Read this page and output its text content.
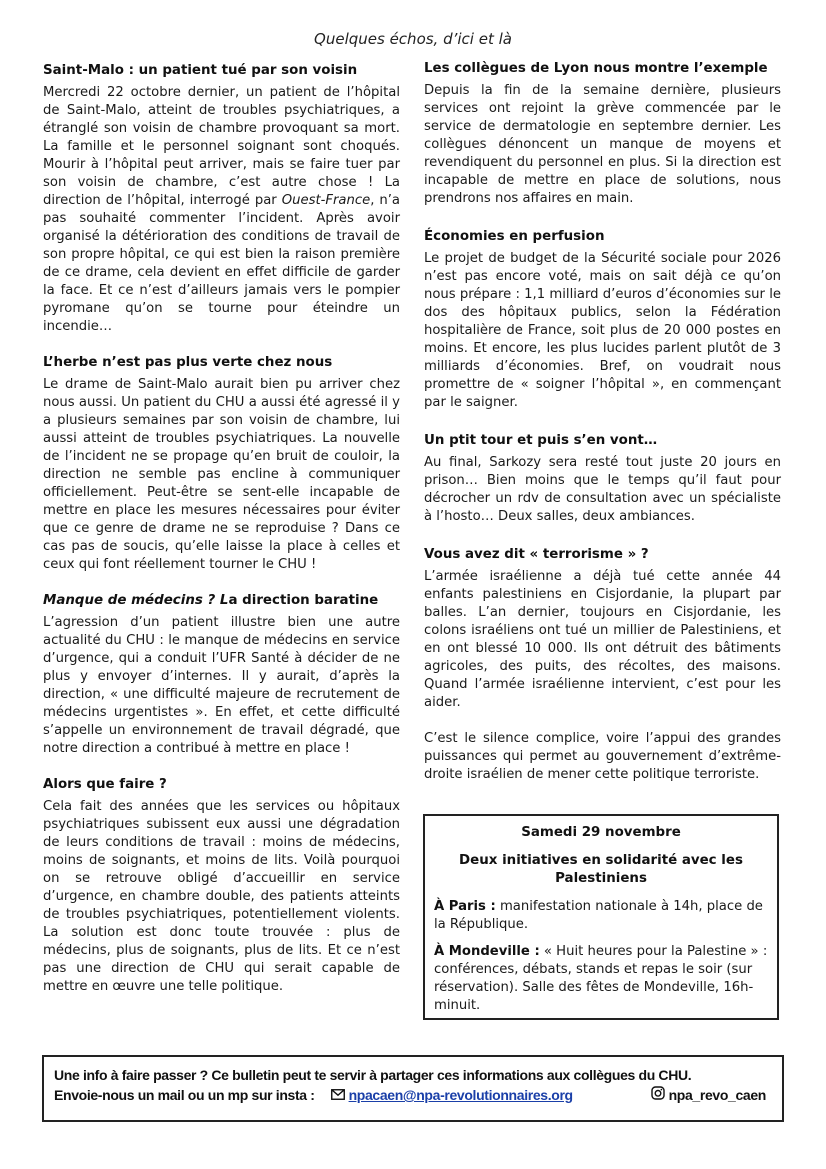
Quelques échos, d’ici et là
Saint-Malo : un patient tué par son voisin

Mercredi 22 octobre dernier, un patient de l’hôpital de Saint-Malo, atteint de troubles psychiatriques, a étranglé son voisin de chambre provoquant sa mort. La famille et le personnel soignant sont choqués. Mourir à l’hôpital peut arriver, mais se faire tuer par son voisin de chambre, c’est autre chose ! La direction de l’hôpital, interrogé par Ouest-France, n’a pas souhaité commenter l’incident. Après avoir organisé la détérioration des conditions de travail de son propre hôpital, ce qui est bien la raison première de ce drame, cela devient en effet difficile de garder la face. Et ce n’est d’ailleurs jamais vers le pompier pyromane qu’on se tourne pour éteindre un incendie…

L’herbe n’est pas plus verte chez nous

Le drame de Saint-Malo aurait bien pu arriver chez nous aussi. Un patient du CHU a aussi été agressé il y a plusieurs semaines par son voisin de chambre, lui aussi atteint de troubles psychiatriques. La nouvelle de l’incident ne se propage qu’en bruit de couloir, la direction ne semble pas encline à communiquer officiellement. Peut-être se sent-elle incapable de mettre en place les mesures nécessaires pour éviter que ce genre de drame ne se reproduise ? Dans ce cas pas de soucis, qu’elle laisse la place à celles et ceux qui font réellement tourner le CHU !

Manque de médecins ? La direction baratine

L’agression d’un patient illustre bien une autre actualité du CHU : le manque de médecins en service d’urgence, qui a conduit l’UFR Santé à décider de ne plus y envoyer d’internes. Il y aurait, d’après la direction, « une difficulté majeure de recrutement de médecins urgentistes ». En effet, et cette difficulté s’appelle un environnement de travail dégradé, que notre direction a contribué à mettre en place !

Alors que faire ?

Cela fait des années que les services ou hôpitaux psychiatriques subissent eux aussi une dégradation de leurs conditions de travail : moins de médecins, moins de soignants, et moins de lits. Voilà pourquoi on se retrouve obligé d’accueillir en service d’urgence, en chambre double, des patients atteints de troubles psychiatriques, potentiellement violents. La solution est donc toute trouvée : plus de médecins, plus de soignants, plus de lits. Et ce n’est pas une direction de CHU qui serait capable de mettre en œuvre une telle politique.

Les collègues de Lyon nous montre l’exemple

Depuis la fin de la semaine dernière, plusieurs services ont rejoint la grève commencée par le service de dermatologie en septembre dernier. Les collègues dénoncent un manque de moyens et revendiquent du personnel en plus. Si la direction est incapable de mettre en place de solutions, nous prendrons nos affaires en main.

Économies en perfusion

Le projet de budget de la Sécurité sociale pour 2026 n’est pas encore voté, mais on sait déjà ce qu’on nous prépare : 1,1 milliard d’euros d’économies sur le dos des hôpitaux publics, selon la Fédération hospitalière de France, soit plus de 20 000 postes en moins. Et encore, les plus lucides parlent plutôt de 3 milliards d’économies. Bref, on voudrait nous promettre de « soigner l’hôpital », en commençant par le saigner.

Un ptit tour et puis s’en vont…

Au final, Sarkozy sera resté tout juste 20 jours en prison… Bien moins que le temps qu’il faut pour décrocher un rdv de consultation avec un spécialiste à l’hosto… Deux salles, deux ambiances.

Vous avez dit « terrorisme » ?

L’armée israélienne a déjà tué cette année 44 enfants palestiniens en Cisjordanie, la plupart par balles. L’an dernier, toujours en Cisjordanie, les colons israéliens ont tué un millier de Palestiniens, et en ont blessé 10 000. Ils ont détruit des bâtiments agricoles, des puits, des récoltes, des maisons. Quand l’armée israélienne intervient, c’est pour les aider.

C’est le silence complice, voire l’appui des grandes puissances qui permet au gouvernement d’extrême-droite israélien de mener cette politique terroriste.

Samedi 29 novembre
Deux initiatives en solidarité avec les Palestiniens
À Paris : manifestation nationale à 14h, place de la République.
À Mondeville : « Huit heures pour la Palestine » : conférences, débats, stands et repas le soir (sur réservation). Salle des fêtes de Mondeville, 16h-minuit.
Une info à faire passer ? Ce bulletin peut te servir à partager ces informations aux collègues du CHU.
Envoie-nous un mail ou un mp sur insta : npacaen@npa-revolutionnaires.org	npa_revo_caen
